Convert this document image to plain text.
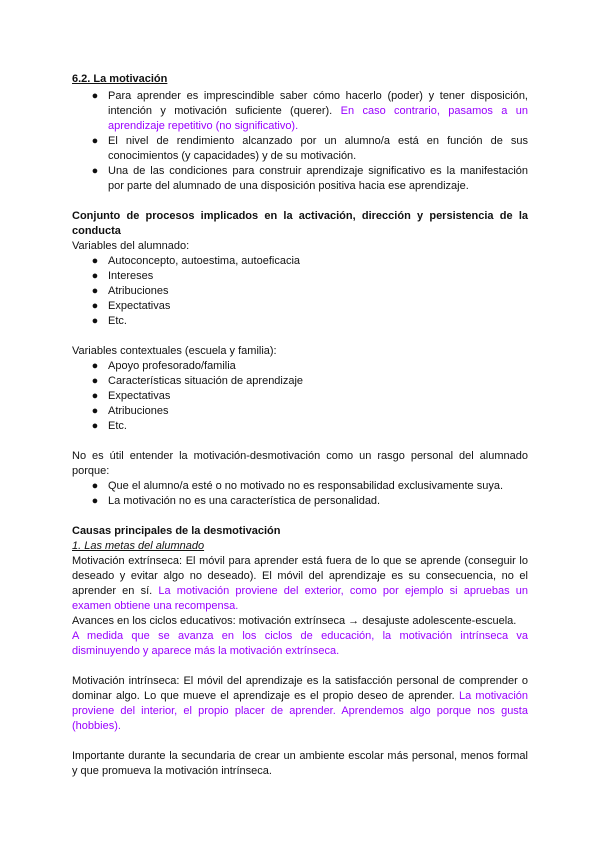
6.2. La motivación
● Para aprender es imprescindible saber cómo hacerlo (poder) y tener disposición, intención y motivación suficiente (querer). En caso contrario, pasamos a un aprendizaje repetitivo (no significativo).
● El nivel de rendimiento alcanzado por un alumno/a está en función de sus conocimientos (y capacidades) y de su motivación.
● Una de las condiciones para construir aprendizaje significativo es la manifestación por parte del alumnado de una disposición positiva hacia ese aprendizaje.
Conjunto de procesos implicados en la activación, dirección y persistencia de la conducta

Variables del alumnado:

● Autoconcepto, autoestima, autoeficacia
● Intereses
● Atribuciones
● Expectativas
● Etc.

Variables contextuales (escuela y familia):

● Apoyo profesorado/familia
● Características situación de aprendizaje
● Expectativas
● Atribuciones
● Etc.

No es útil entender la motivación-desmotivación como un rasgo personal del alumnado porque:

● Que el alumno/a esté o no motivado no es responsabilidad exclusivamente suya.
● La motivación no es una característica de personalidad.
Causas principales de la desmotivación
1. Las metas del alumnado

Motivación extrínseca: El móvil para aprender está fuera de lo que se aprende (conseguir lo deseado y evitar algo no deseado). El móvil del aprendizaje es su consecuencia, no el aprender en sí. La motivación proviene del exterior, como por ejemplo si apruebas un examen obtiene una recompensa.

Avances en los ciclos educativos: motivación extrínseca → desajuste adolescente-escuela.

A medida que se avanza en los ciclos de educación, la motivación intrínseca va disminuyendo y aparece más la motivación extrínseca.

Motivación intrínseca: El móvil del aprendizaje es la satisfacción personal de comprender o dominar algo. Lo que mueve el aprendizaje es el propio deseo de aprender. La motivación proviene del interior, el propio placer de aprender. Aprendemos algo porque nos gusta (hobbies).

Importante durante la secundaria de crear un ambiente escolar más personal, menos formal y que promueva la motivación intrínseca.
